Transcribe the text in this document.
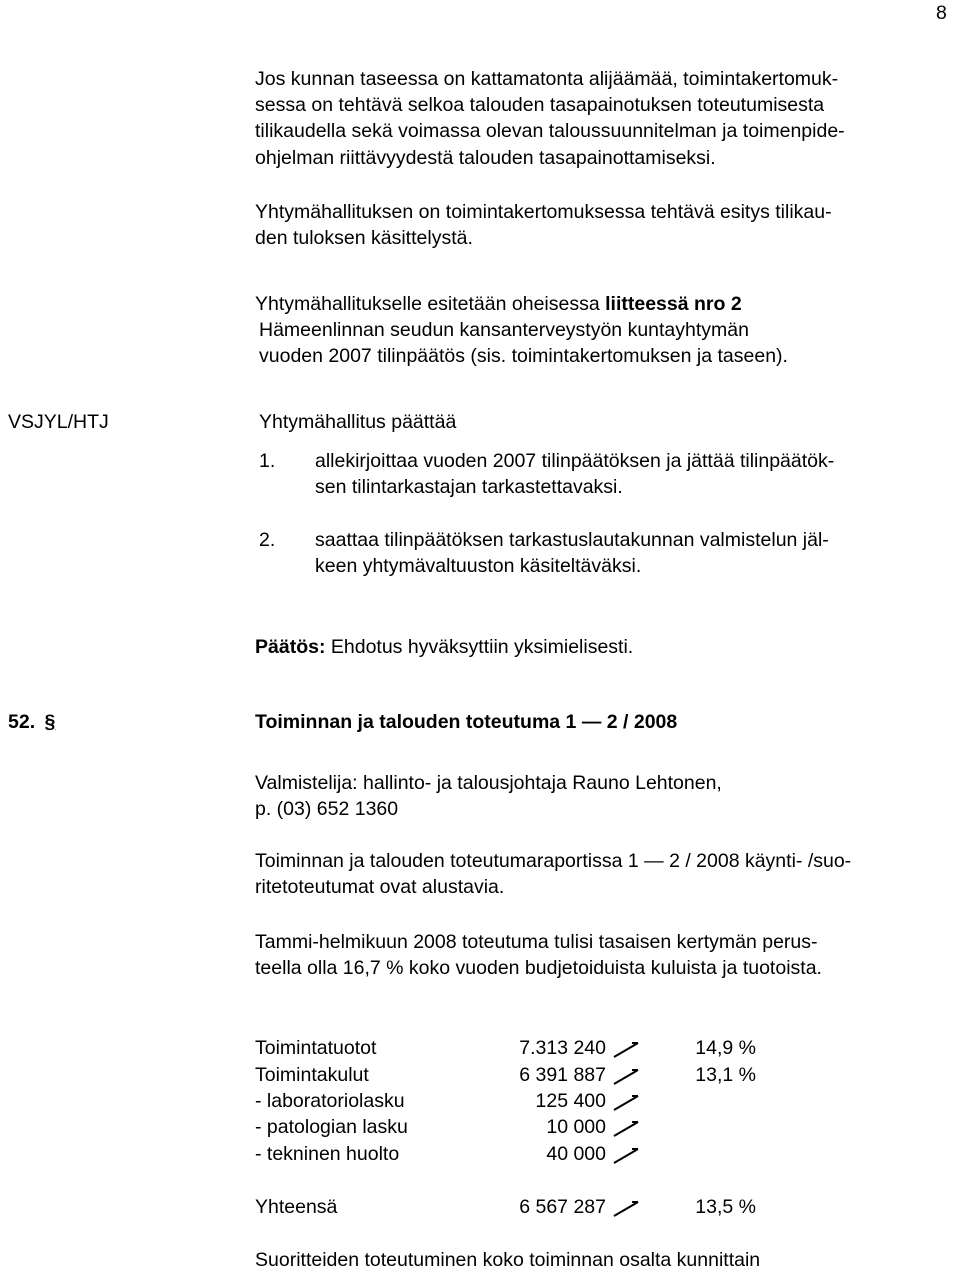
8
Jos kunnan taseessa on kattamatonta alijäämää, toimintakertomuk-
sessa on tehtävä selkoa talouden tasapainotuksen toteutumisesta
tilikaudella sekä voimassa olevan taloussuunnitelman ja toimenpide-
ohjelman riittävyydestä talouden tasapainottamiseksi.
Yhtymähallituksen on toimintakertomuksessa tehtävä esitys tilikau-
den tuloksen käsittelystä.
Yhtymähallitukselle esitetään oheisessa liitteessä nro 2
Hämeenlinnan seudun kansanterveystyön kuntayhtymän
vuoden 2007 tilinpäätös (sis. toimintakertomuksen ja taseen).
VSJYL/HTJ	Yhtymähallitus päättää
1. allekirjoittaa vuoden 2007 tilinpäätöksen ja jättää tilinpäätök-
sen tilintarkastajan tarkastettavaksi.
2. saattaa tilinpäätöksen tarkastuslautakunnan valmistelun jäl-
keen yhtymävaltuuston käsiteltäväksi.
Päätös: Ehdotus hyväksyttiin yksimielisesti.
52. §	Toiminnan ja talouden toteutuma 1 — 2 / 2008
Valmistelija: hallinto- ja talousjohtaja Rauno Lehtonen,
p. (03) 652 1360
Toiminnan ja talouden toteutumaraportissa 1 — 2 / 2008 käynti- /suo-
ritetoteutumat ovat alustavia.
Tammi-helmikuun 2008 toteutuma tulisi tasaisen kertymän perus-
teella olla 16,7 % koko vuoden budjetoiduista kuluista ja tuotoista.
Toimintatuotot	7.313 240	14,9 %
Toimintakulut	6 391 887	13,1 %
- laboratoriolasku	125 400
- patologian lasku	10 000
- tekninen huolto	40 000
Yhteensä	6 567 287	13,5 %
Suoritteiden toteutuminen koko toiminnan osalta kunnittain
